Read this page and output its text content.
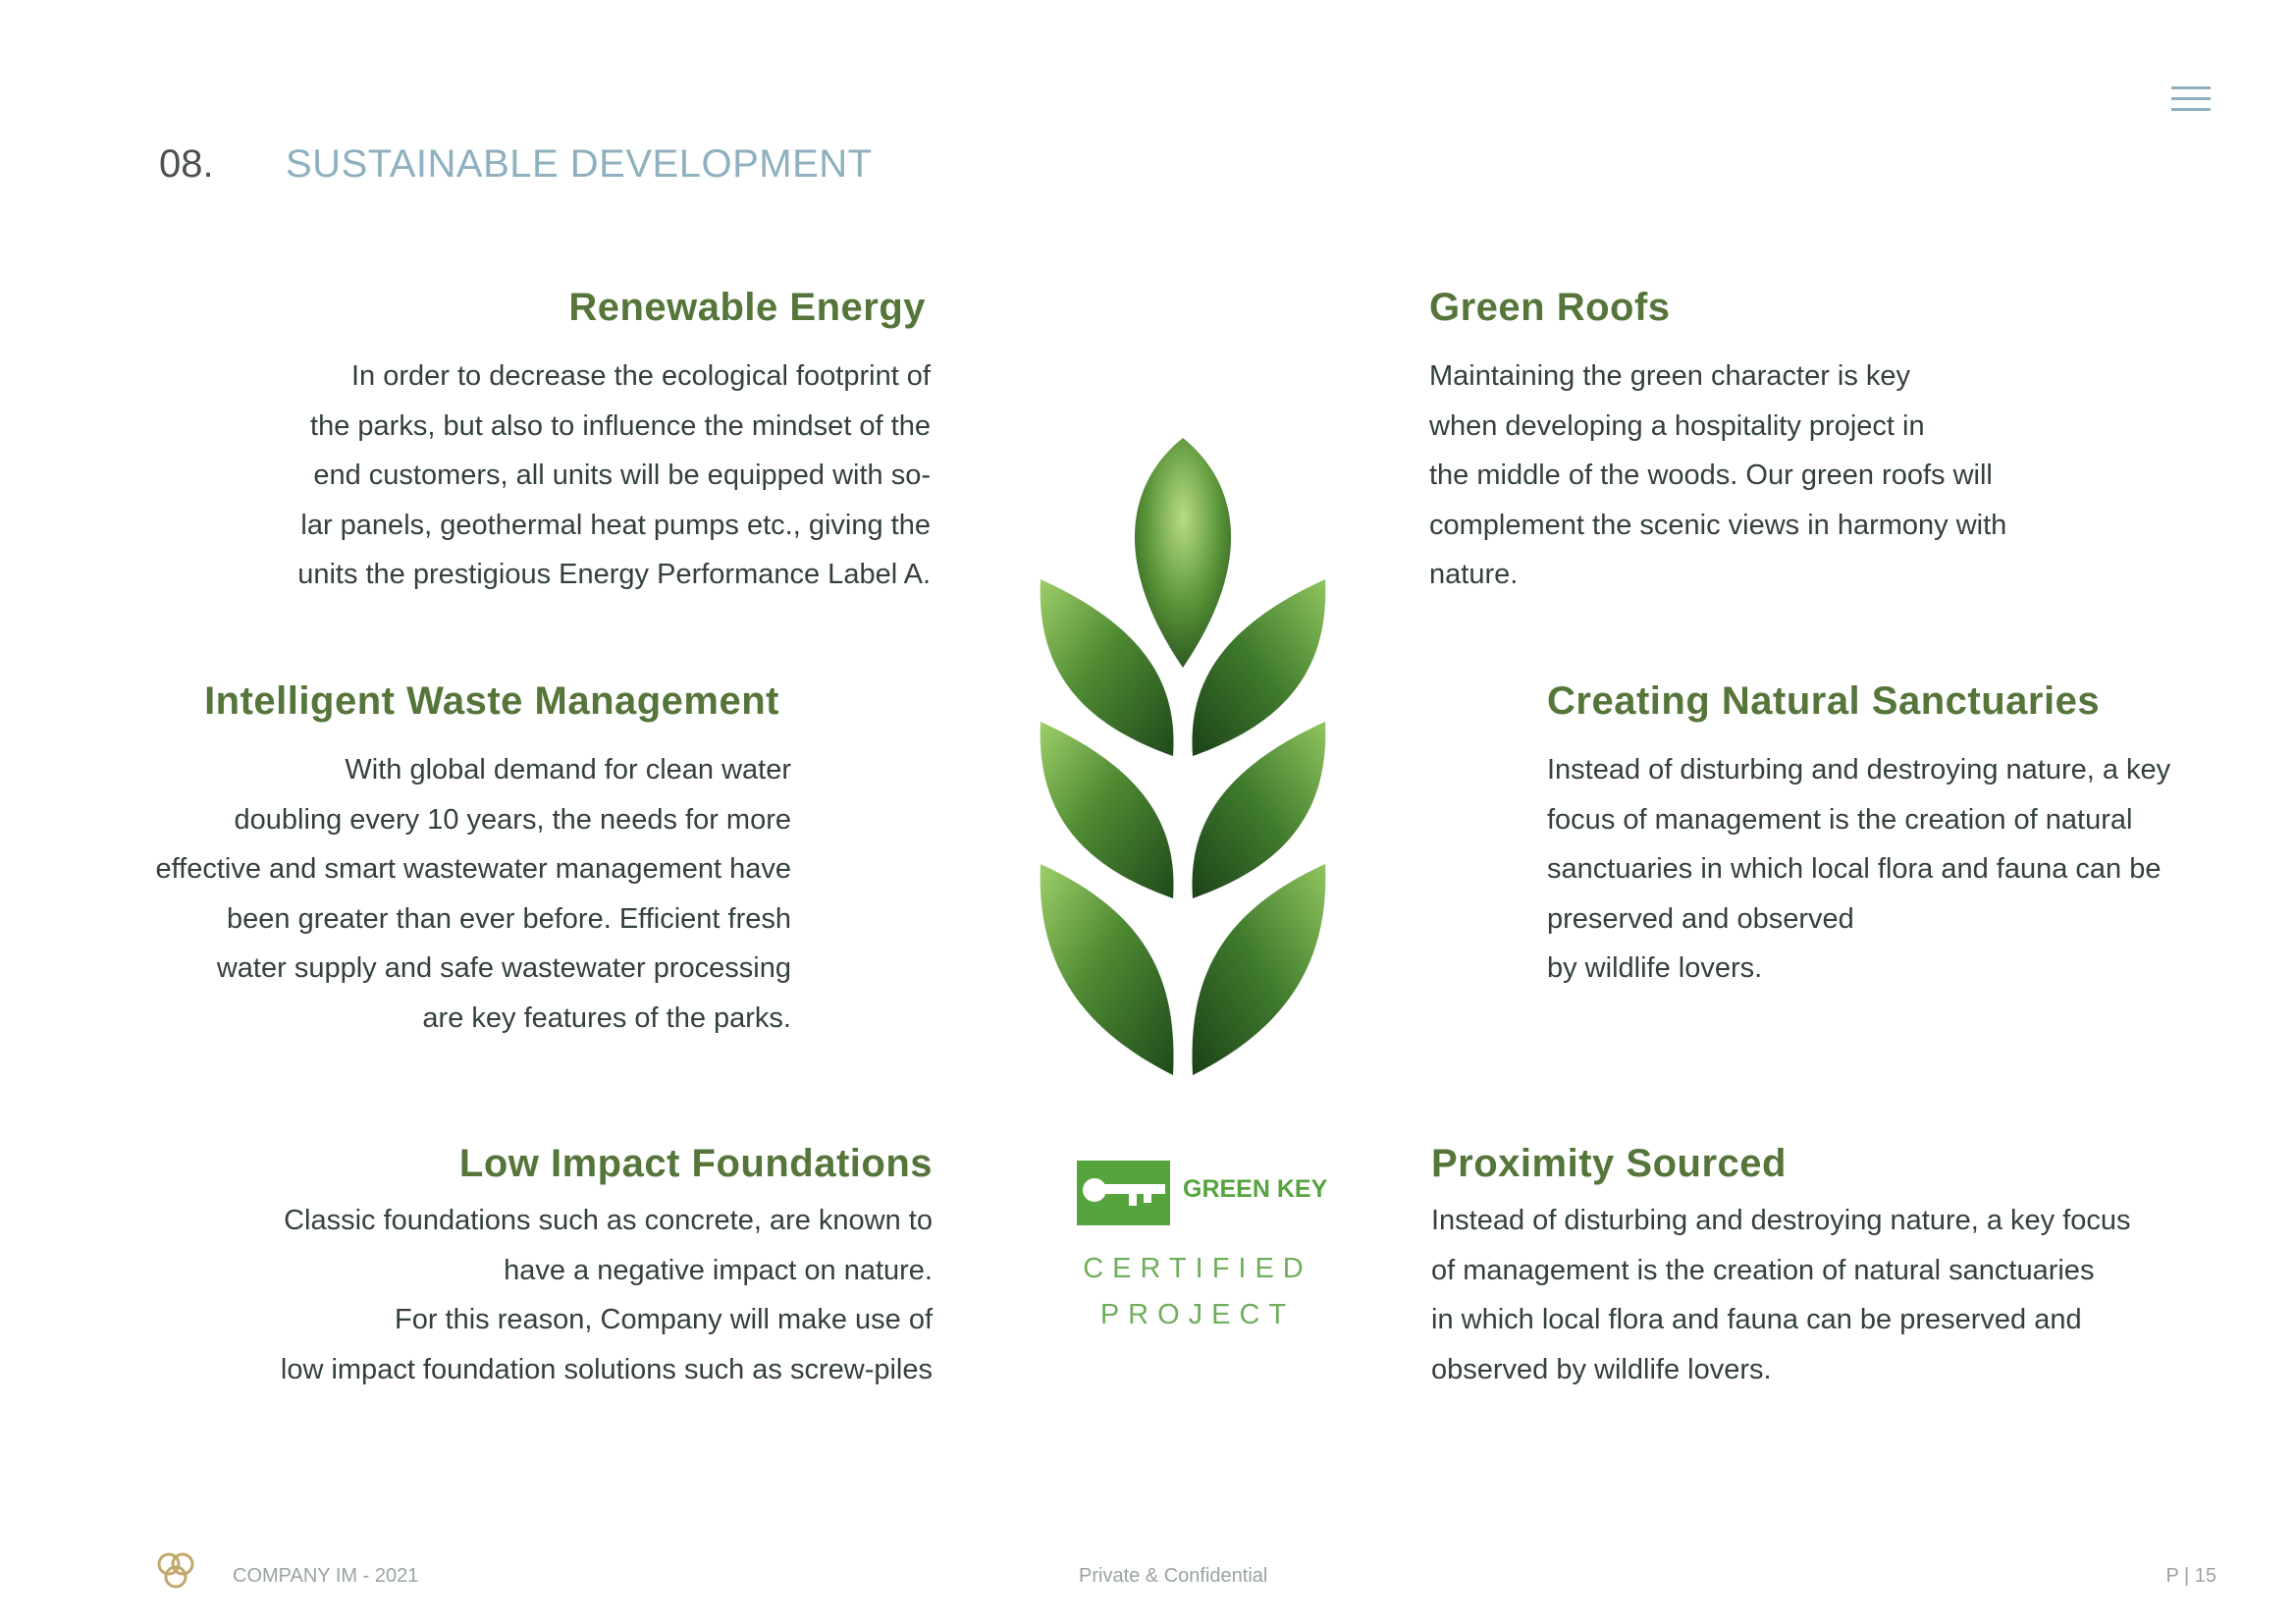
08. SUSTAINABLE DEVELOPMENT
Renewable Energy
In order to decrease the ecological footprint of
the parks, but also to influence the mindset of the
end customers, all units will be equipped with so-
lar panels, geothermal heat pumps etc., giving the
units the prestigious Energy Performance Label A.
Green Roofs
Maintaining the green character is key
when developing a hospitality project in
the middle of the woods. Our green roofs will
complement the scenic views in harmony with
nature.
Intelligent Waste Management
With global demand for clean water
doubling every 10 years, the needs for more
effective and smart wastewater management have
been greater than ever before. Efficient fresh
water supply and safe wastewater processing
are key features of the parks.
Creating Natural Sanctuaries
Instead of disturbing and destroying nature, a key
focus of management is the creation of natural
sanctuaries in which local flora and fauna can be
preserved and observed
by wildlife lovers.
Low Impact Foundations
Classic foundations such as concrete, are known to
have a negative impact on nature.
For this reason, Company will make use of
low impact foundation solutions such as screw-piles
Proximity Sourced
Instead of disturbing and destroying nature, a key focus
of management is the creation of natural sanctuaries
in which local flora and fauna can be preserved and
observed by wildlife lovers.
GREEN KEY
CERTIFIED
PROJECT
COMPANY IM - 2021	Private & Confidential	P | 15
